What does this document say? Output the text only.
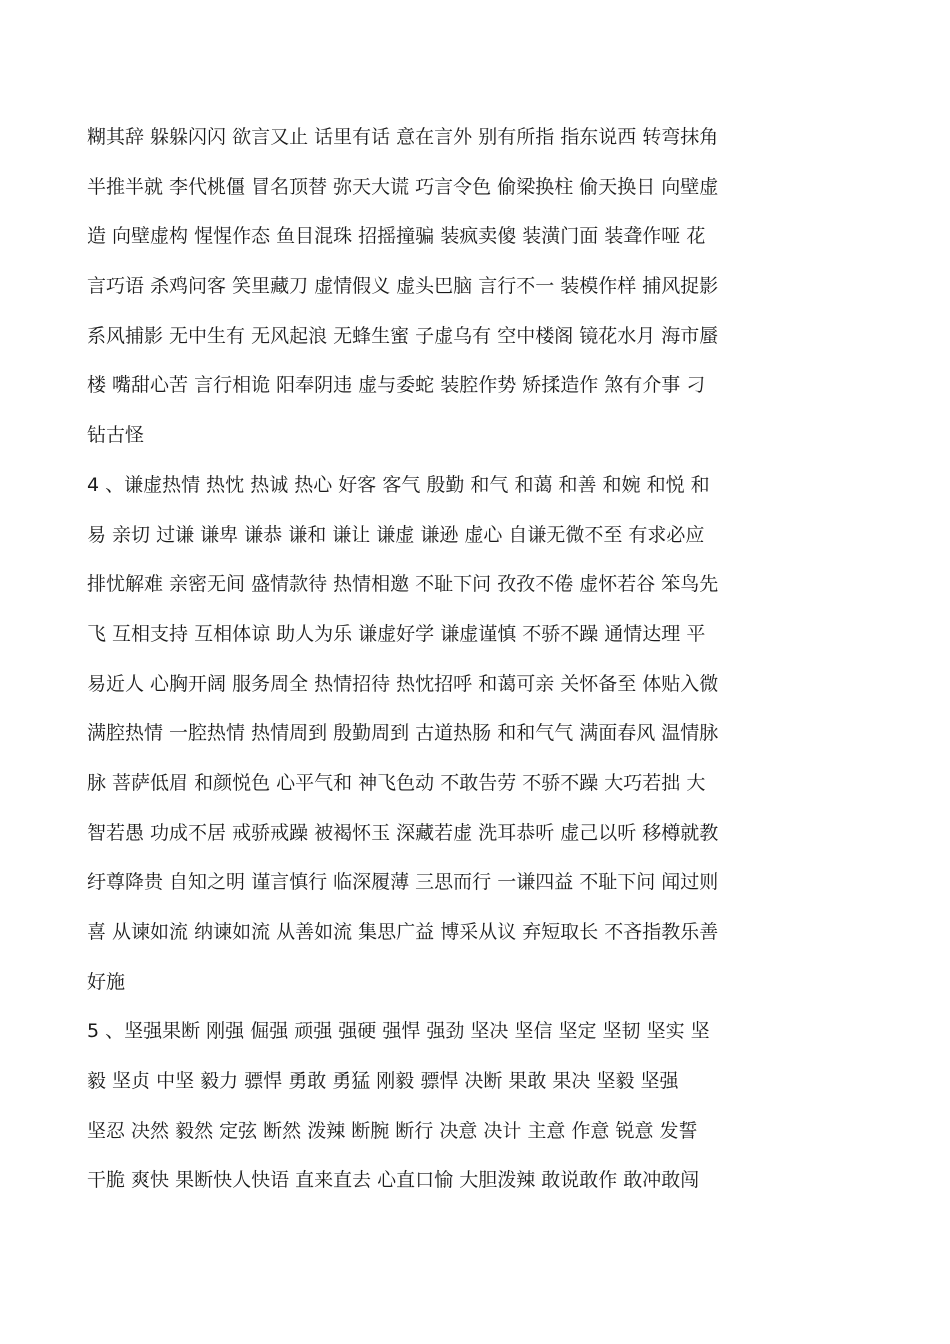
糊其辞 躲躲闪闪 欲言又止 话里有话 意在言外 别有所指 指东说西 转弯抹角
半推半就 李代桃僵 冒名顶替 弥天大谎 巧言令色 偷梁换柱 偷天换日 向壁虚
造 向壁虚构 惺惺作态 鱼目混珠 招摇撞骗 装疯卖傻 装潢门面 装聋作哑 花
言巧语 杀鸡问客 笑里藏刀 虚情假义 虚头巴脑 言行不一 装模作样 捕风捉影
系风捕影 无中生有 无风起浪 无蜂生蜜 子虚乌有 空中楼阁 镜花水月 海市蜃
楼 嘴甜心苦 言行相诡 阳奉阴违 虚与委蛇 装腔作势 矫揉造作 煞有介事 刁
钻古怪
4 、谦虚热情 热忱 热诚 热心 好客 客气 殷勤 和气 和蔼 和善 和婉 和悦 和
易 亲切 过谦 谦卑 谦恭 谦和 谦让 谦虚 谦逊 虚心 自谦无微不至 有求必应
排忧解难 亲密无间 盛情款待 热情相邀 不耻下问 孜孜不倦 虚怀若谷 笨鸟先
飞 互相支持 互相体谅 助人为乐 谦虚好学 谦虚谨慎 不骄不躁 通情达理 平
易近人 心胸开阔 服务周全 热情招待 热忱招呼 和蔼可亲 关怀备至 体贴入微
满腔热情 一腔热情 热情周到 殷勤周到 古道热肠 和和气气 满面春风 温情脉
脉 菩萨低眉 和颜悦色 心平气和 神飞色动 不敢告劳 不骄不躁 大巧若拙 大
智若愚 功成不居 戒骄戒躁 被褐怀玉 深藏若虚 洗耳恭听 虚己以听 移樽就教
纡尊降贵 自知之明 谨言慎行 临深履薄 三思而行 一谦四益 不耻下问 闻过则
喜 从谏如流 纳谏如流 从善如流 集思广益 博采从议 弃短取长 不吝指教乐善
好施
5 、坚强果断 刚强 倔强 顽强 强硬 强悍 强劲 坚决 坚信 坚定 坚韧 坚实 坚
毅 坚贞 中坚 毅力 骠悍 勇敢 勇猛 刚毅 骠悍 决断 果敢 果决 坚毅 坚强
坚忍 决然 毅然 定弦 断然 泼辣 断腕 断行 决意 决计 主意 作意 锐意 发誓
干脆 爽快 果断快人快语 直来直去 心直口愉 大胆泼辣 敢说敢作 敢冲敢闯
